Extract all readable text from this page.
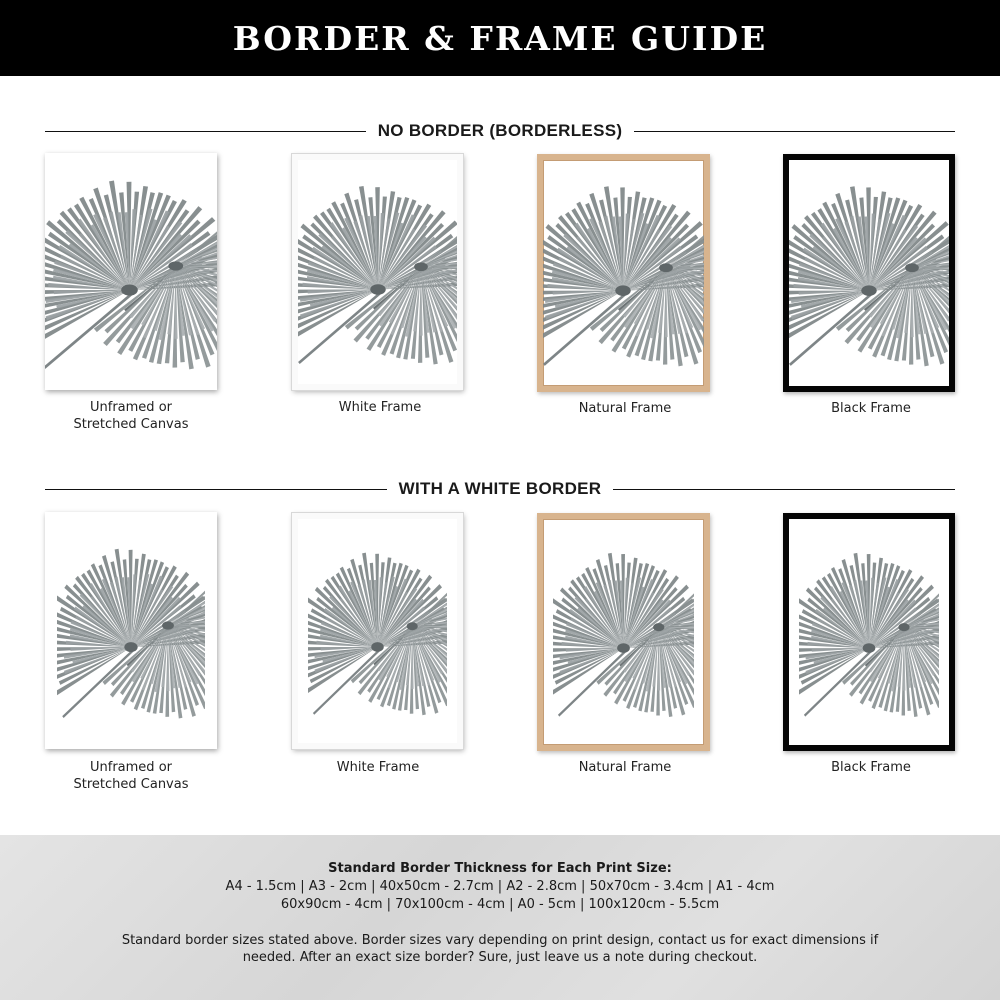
BORDER & FRAME GUIDE
NO BORDER (BORDERLESS)
Unframed or
Stretched Canvas
White Frame	Natural Frame	Black Frame
WITH A WHITE BORDER
Unframed or
Stretched Canvas
White Frame	Natural Frame	Black Frame
Standard Border Thickness for Each Print Size:
A4 - 1.5cm | A3 - 2cm | 40x50cm - 2.7cm | A2 - 2.8cm | 50x70cm - 3.4cm | A1 - 4cm
60x90cm - 4cm | 70x100cm - 4cm | A0 - 5cm | 100x120cm - 5.5cm
Standard border sizes stated above. Border sizes vary depending on print design, contact us for exact dimensions if needed. After an exact size border? Sure, just leave us a note during checkout.
